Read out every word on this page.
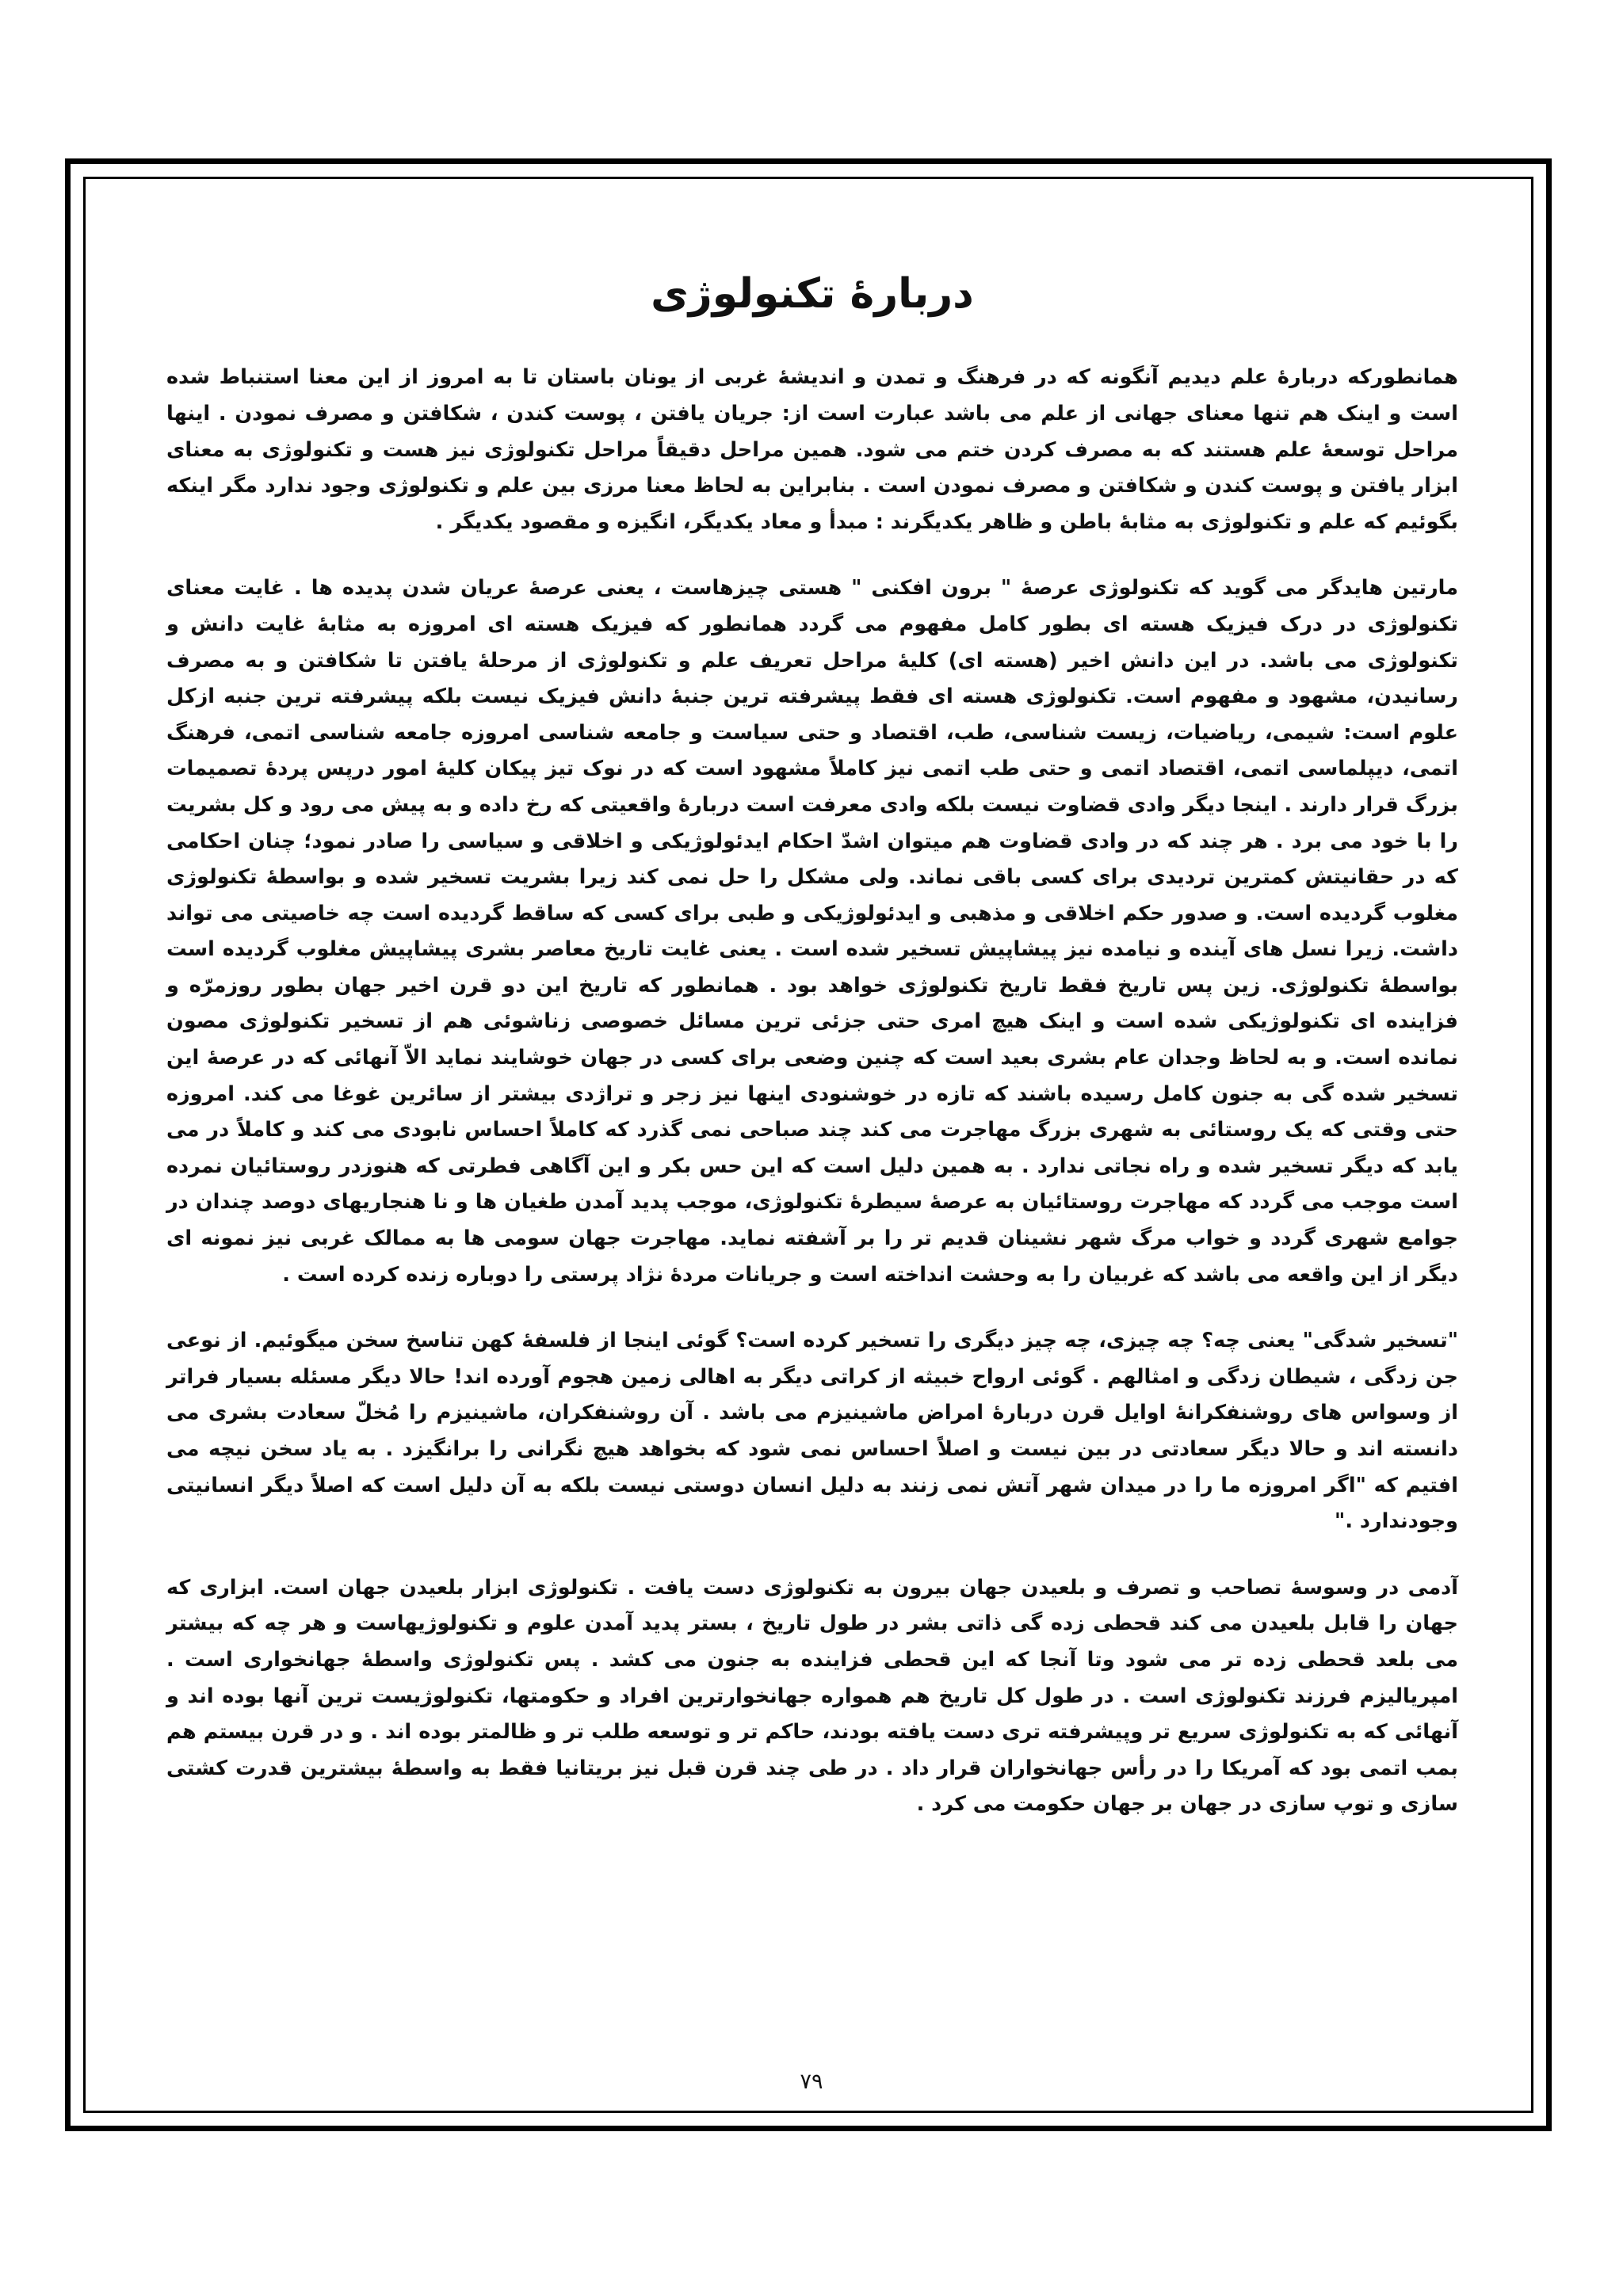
دربارهٔ تکنولوژی

همانطورکه دربارهٔ علم دیدیم آنگونه که در فرهنگ و تمدن و اندیشهٔ غربی از یونان باستان تا به امروز از این معنا استنباط شده است و اینک هم تنها معنای جهانی از علم می باشد عبارت است از: جریان یافتن ، پوست کندن ، شکافتن و مصرف نمودن . اینها مراحل توسعهٔ علم هستند که به مصرف کردن ختم می شود. همین مراحل دقیقاً مراحل تکنولوژی نیز هست و تکنولوژی به معنای ابزار یافتن و پوست کندن و شکافتن و مصرف نمودن است . بنابراین به لحاظ معنا مرزی بین علم و تکنولوژی وجود ندارد مگر اینکه بگوئیم که علم و تکنولوژی به مثابهٔ باطن و ظاهر یکدیگرند : مبدأ و معاد یکدیگر، انگیزه و مقصود یکدیگر .

مارتین هایدگر می گوید که تکنولوژی عرصهٔ " برون افکنی " هستی چیزهاست ، یعنی عرصهٔ عریان شدن پدیده ها . غایت معنای تکنولوژی در درک فیزیک هسته ای بطور کامل مفهوم می گردد همانطور که فیزیک هسته ای امروزه به مثابهٔ غایت دانش و تکنولوژی می باشد. در این دانش اخیر (هسته ای) کلیهٔ مراحل تعریف علم و تکنولوژی از مرحلهٔ یافتن تا شکافتن و به مصرف رسانیدن، مشهود و مفهوم است. تکنولوژی هسته ای فقط پیشرفته ترین جنبهٔ دانش فیزیک نیست بلکه پیشرفته ترین جنبه ازکل علوم است: شیمی، ریاضیات، زیست شناسی، طب، اقتصاد و حتی سیاست و جامعه شناسی امروزه جامعه شناسی اتمی، فرهنگ اتمی، دیپلماسی اتمی، اقتصاد اتمی و حتی طب اتمی نیز کاملاً مشهود است که در نوک تیز پیکان کلیهٔ امور درپس پردهٔ تصمیمات بزرگ قرار دارند . اینجا دیگر وادی قضاوت نیست بلکه وادی معرفت است دربارهٔ واقعیتی که رخ داده و به پیش می رود و کل بشریت را با خود می برد . هر چند که در وادی قضاوت هم میتوان اشدّ احکام ایدئولوژیکی و اخلاقی و سیاسی را صادر نمود؛ چنان احکامی که در حقانیتش کمترین تردیدی برای کسی باقی نماند. ولی مشکل را حل نمی کند زیرا بشریت تسخیر شده و بواسطهٔ تکنولوژی مغلوب گردیده است. و صدور حکم اخلاقی و مذهبی و ایدئولوژیکی و طبی برای کسی که ساقط گردیده است چه خاصیتی می تواند داشت. زیرا نسل های آینده و نیامده نیز پیشاپیش تسخیر شده است . یعنی غایت تاریخ معاصر بشری پیشاپیش مغلوب گردیده است بواسطهٔ تکنولوژی. زین پس تاریخ فقط تاریخ تکنولوژی خواهد بود . همانطور که تاریخ این دو قرن اخیر جهان بطور روزمرّه و فزاینده ای تکنولوژیکی شده است و اینک هیچ امری حتی جزئی ترین مسائل خصوصی زناشوئی هم از تسخیر تکنولوژی مصون نمانده است. و به لحاظ وجدان عام بشری بعید است که چنین وضعی برای کسی در جهان خوشایند نماید الاّ آنهائی که در عرصهٔ این تسخیر شده گی به جنون کامل رسیده باشند که تازه در خوشنودی اینها نیز زجر و تراژدی بیشتر از سائرین غوغا می کند. امروزه حتی وقتی که یک روستائی به شهری بزرگ مهاجرت می کند چند صباحی نمی گذرد که کاملاً احساس نابودی می کند و کاملاً در می یابد که دیگر تسخیر شده و راه نجاتی ندارد . به همین دلیل است که این حس بکر و این آگاهی فطرتی که هنوزدر روستائیان نمرده است موجب می گردد که مهاجرت روستائیان به عرصهٔ سیطرهٔ تکنولوژی، موجب پدید آمدن طغیان ها و نا هنجاریهای دوصد چندان در جوامع شهری گردد و خواب مرگ شهر نشینان قدیم تر را بر آشفته نماید. مهاجرت جهان سومی ها به ممالک غربی نیز نمونه ای دیگر از این واقعه می باشد که غربیان را به وحشت انداخته است و جریانات مردهٔ نژاد پرستی را دوباره زنده کرده است .

"تسخیر شدگی" یعنی چه؟ چه چیزی، چه چیز دیگری را تسخیر کرده است؟ گوئی اینجا از فلسفهٔ کهن تناسخ سخن میگوئیم. از نوعی جن زدگی ، شیطان زدگی و امثالهم . گوئی ارواح خبیثه از کراتی دیگر به اهالی زمین هجوم آورده اند! حالا دیگر مسئله بسیار فراتر از وسواس های روشنفکرانهٔ اوایل قرن دربارهٔ امراض ماشینیزم می باشد . آن روشنفکران، ماشینیزم را مُخلّ سعادت بشری می دانسته اند و حالا دیگر سعادتی در بین نیست و اصلاً احساس نمی شود که بخواهد هیچ نگرانی را برانگیزد . به یاد سخن نیچه می افتیم که "اگر امروزه ما را در میدان شهر آتش نمی زنند به دلیل انسان دوستی نیست بلکه به آن دلیل است که اصلاً دیگر انسانیتی وجودندارد ."

آدمی در وسوسهٔ تصاحب و تصرف و بلعیدن جهان بیرون به تکنولوژی دست یافت . تکنولوژی ابزار بلعیدن جهان است. ابزاری که جهان را قابل بلعیدن می کند قحطی زده گی ذاتی بشر در طول تاریخ ، بستر پدید آمدن علوم و تکنولوژیهاست و هر چه که بیشتر می بلعد قحطی زده تر می شود وتا آنجا که این قحطی فزاینده به جنون می کشد . پس تکنولوژی واسطهٔ جهانخواری است . امپریالیزم فرزند تکنولوژی است . در طول کل تاریخ هم همواره جهانخوارترین افراد و حکومتها، تکنولوژیست ترین آنها بوده اند و آنهائی که به تکنولوژی سریع تر وپیشرفته تری دست یافته بودند، حاکم تر و توسعه طلب تر و ظالمتر بوده اند . و در قرن بیستم هم بمب اتمی بود که آمریکا را در رأس جهانخواران قرار داد . در طی چند قرن قبل نیز بریتانیا فقط به واسطهٔ بیشترین قدرت کشتی سازی و توپ سازی در جهان بر جهان حکومت می کرد .

۷۹
